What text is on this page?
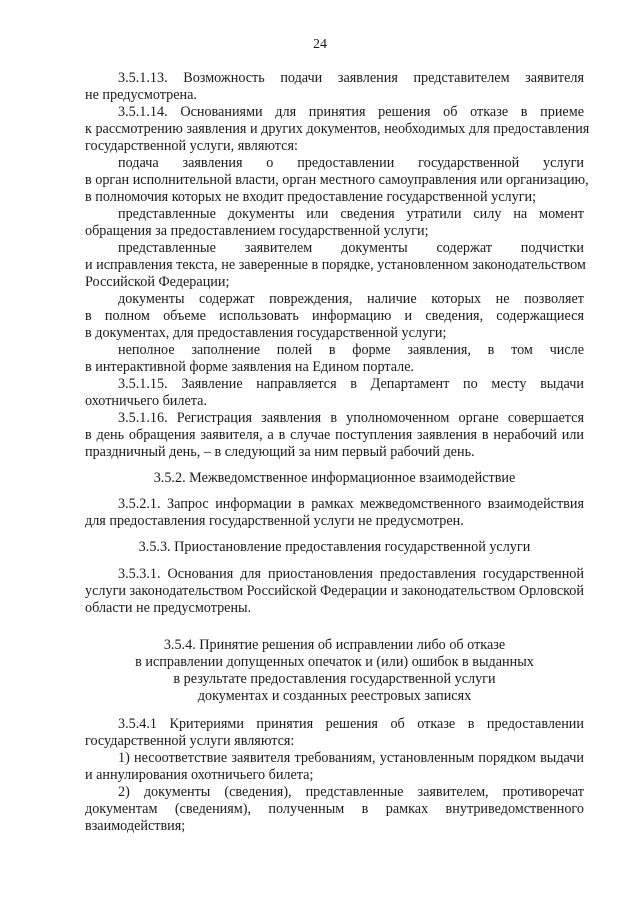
24
3.5.1.13. Возможность подачи заявления представителем заявителя
не предусмотрена.
3.5.1.14. Основаниями для принятия решения об отказе в приеме
к рассмотрению заявления и других документов, необходимых для предоставления
государственной услуги, являются:
подача заявления о предоставлении государственной услуги
в орган исполнительной власти, орган местного самоуправления или организацию,
в полномочия которых не входит предоставление государственной услуги;
представленные документы или сведения утратили силу на момент
обращения за предоставлением государственной услуги;
представленные заявителем документы содержат подчистки
и исправления текста, не заверенные в порядке, установленном законодательством
Российской Федерации;
документы содержат повреждения, наличие которых не позволяет
в полном объеме использовать информацию и сведения, содержащиеся
в документах, для предоставления государственной услуги;
неполное заполнение полей в форме заявления, в том числе
в интерактивной форме заявления на Едином портале.
3.5.1.15. Заявление направляется в Департамент по месту выдачи
охотничьего билета.
3.5.1.16. Регистрация заявления в уполномоченном органе совершается
в день обращения заявителя, а в случае поступления заявления в нерабочий или
праздничный день, – в следующий за ним первый рабочий день.
3.5.2. Межведомственное информационное взаимодействие
3.5.2.1. Запрос информации в рамках межведомственного взаимодействия
для предоставления государственной услуги не предусмотрен.
3.5.3. Приостановление предоставления государственной услуги
3.5.3.1. Основания для приостановления предоставления государственной
услуги законодательством Российской Федерации и законодательством Орловской
области не предусмотрены.
3.5.4. Принятие решения об исправлении либо об отказе
в исправлении допущенных опечаток и (или) ошибок в выданных
в результате предоставления государственной услуги
документах и созданных реестровых записях
3.5.4.1 Критериями принятия решения об отказе в предоставлении
государственной услуги являются:
1) несоответствие заявителя требованиям, установленным порядком выдачи
и аннулирования охотничьего билета;
2) документы (сведения), представленные заявителем, противоречат
документам (сведениям), полученным в рамках внутриведомственного
взаимодействия;
